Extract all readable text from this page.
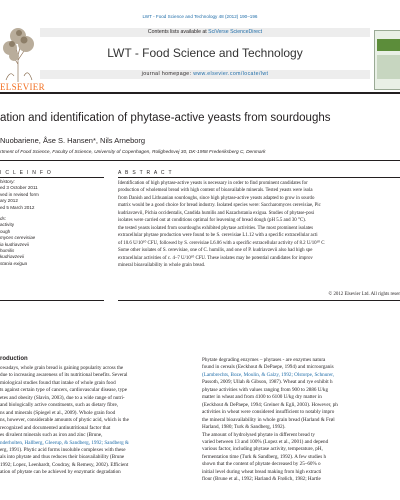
LWT - Food Science and Technology 48 (2012) 190–196
ELSEVIER
Contents lists available at SciVerse ScienceDirect
LWT - Food Science and Technology
journal homepage: www.elsevier.com/locate/lwt
ation and identification of phytase-active yeasts from sourdoughs
Nuobariene, Åse S. Hansen*, Nils Arneborg
rtment of Food Science, Faculty of Science, University of Copenhagen, Rolighedsvej 30, DK-1958 Frederiksberg C, Denmark
I C L E I N F O
history:
ed 3 October 2011
ved in revised form
ary 2012
ed 5 March 2012
ds:
activity
ough
myces cerevisiae
ia kudriavzevii
humilis
kudriavzevii
stania exigua
A B S T R A C T
Identification of high phytase-active yeasts is necessary in order to find prominent candidates for
production of wholemeal bread with high content of bioavailable minerals. Tested yeasts were isola
from Danish and Lithuanian sourdoughs, since high phytase-active yeasts adapted to grow in sourdo
matrix would be a good choice for bread industry. Isolated species were: Saccharomyces cerevisiae, Pic
kudriavzevii, Pichia occidentalis, Candida humilis and Kazachstania exigua. Studies of phytase-posi
isolates were carried out at conditions optimal for leavening of bread dough (pH 5.5 and 30 °C).
the tested yeasts isolated from sourdoughs exhibited phytase activities. The most prominent isolates
extracellular phytase production were found to be S. cerevisiae L1.12 with a specific extracellular acti
of 10.6 U/10¹⁰ CFU, followed by S. cerevisiae L6.06 with a specific extracellular activity of 8.2 U/10¹⁰ C
Some other isolates of S. cerevisiae, one of C. humilis, and one of P. kudriavzevii also had high spe
extracellular activities of c. 4–7 U/10¹⁰ CFU. These isolates may be potential candidates for improv
mineral bioavailability in whole grain bread.
© 2012 Elsevier Ltd. All rights reser
roduction
owadays, whole grain bread is gaining popularity across the
due to increasing awareness of its nutritional benefits. Several
miological studies found that intake of whole grain food
ts against certain type of cancers, cardiovascular disease, type
etes and obesity (Slavin, 2003), due to a wide range of nutri-
and biologically active constituents, such as dietary fibre,
ns and minerals (Spiegel et al., 2009). Whole grain food
ns, however, considerable amounts of phytic acid, which is the
recognized and documented antinutritional factor that
es divalent minerals such as iron and zinc (Brune,
nderholten, Hallberg, Gleerup, & Sandberg, 1992; Sandberg &
erg, 1991). Phytic acid forms insoluble complexes with these
als into phytate and thus reduces their bioavailability (Brune
1992; Lopez, Leenhardt, Coudray, & Remesy, 2002). Efficient
ation of phytate can be achieved by enzymatic degradation
Phytate degrading enzymes – phytases - are enzymes natura
found in cereals (Eeckhout & DePaepe, 1994) and microorganis
(Lambrechts, Boze, Moulin, & Galzy, 1992; Olstorpe, Schnurer,
Passoth, 2009; Ullah & Gibson, 1987). Wheat and rye exhibit h
phytase activities with values ranging from 900 to 2886 U/kg
matter in wheat and from 4100 to 6100 U/kg dry matter in
(Eeckhout & DePaepe, 1994; Greiner & Egli, 2003). However, ph
activities in wheat were considered insufficient to notably impro
the mineral bioavailability in whole grain bread (Harland & Frøl
Harland, 1980; Turk & Sandberg, 1992).
The amount of hydrolysed phytate in different bread ty
varied between 13 and 100% (Lopez et al., 2001) and depend
various factor, including phytase activity, temperature, pH,
fermentation time (Turk & Sandberg, 1992). A few studies h
shown that the content of phytate decreased by 25–60% o
initial level during wheat bread making from high extracti
flour (Brune et al., 1992; Harland & Frølich, 1982; Hartle
